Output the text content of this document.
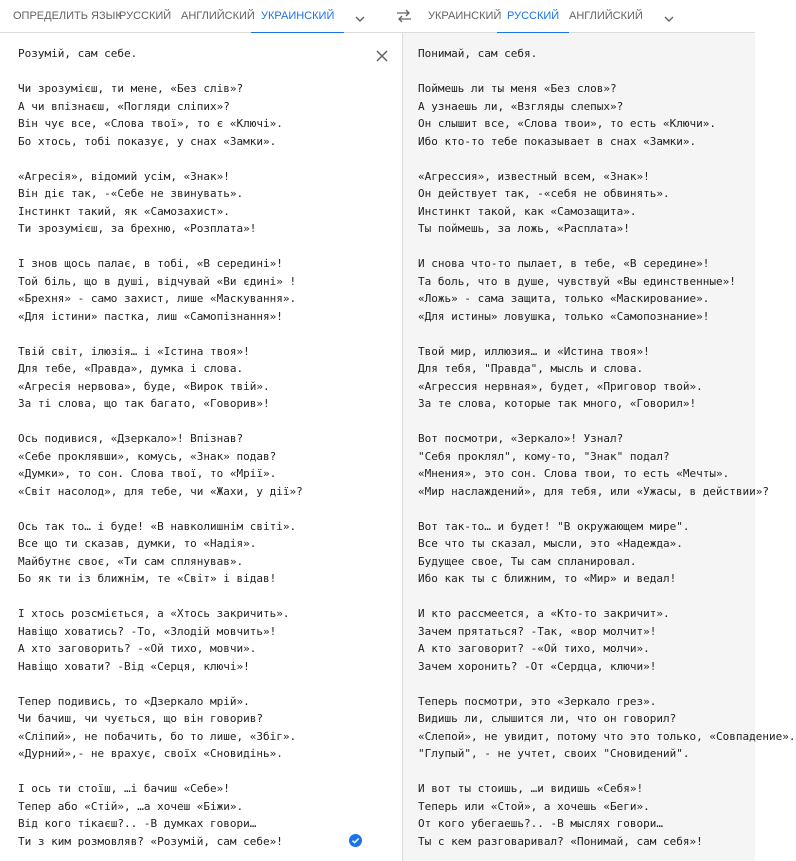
ОПРЕДЕЛИТЬ ЯЗЫК
РУССКИЙ АНГЛИЙСКИЙ УКРАИНСКИЙ	УКРАИНСКИЙ РУССКИЙ АНГЛИЙСКИЙ
Розумій, сам себе.

Чи зрозумієш, ти мене, «Без слів»?
А чи впізнаєш, «Погляди сліпих»?
Він чує все, «Слова твої», то є «Ключі».
Бо хтось, тобі показує, у снах «Замки».

«Агресія», відомий усім, «Знак»!
Він діє так, -«Себе не звинувать».
Інстинкт такий, як «Самозахист».
Ти зрозумієш, за брехню, «Розплата»!

І знов щось палає, в тобі, «В середині»!
Той біль, що в душі, відчувай «Ви єдині» !
«Брехня» - само захист, лише «Маскування».
«Для істини» пастка, лиш «Самопізнання»!

Твій світ, ілюзія… і «Істина твоя»!
Для тебе, «Правда», думка і слова.
«Агресія нервова», буде, «Вирок твій».
За ті слова, що так багато, «Говорив»!

Ось подивися, «Дзеркало»! Впізнав?
«Себе проклявши», комусь, «Знак» подав?
«Думки», то сон. Слова твої, то «Мрії».
«Світ насолод», для тебе, чи «Жахи, у дії»?

Ось так то… і буде! «В навколишнім світі».
Все що ти сказав, думки, то «Надія».
Майбутнє своє, «Ти сам сплянував».
Бо як ти із ближнім, те «Світ» і відав!

І хтось розсміється, а «Хтось закричить».
Навіщо ховатись? -То, «Злодій мовчить»!
А хто заговорить? -«Ой тихо, мовчи».
Навіщо ховати? -Від «Серця, ключі»!

Тепер подивись, то «Дзеркало мрій».
Чи бачиш, чи чується, що він говорив?
«Сліпий», не побачить, бо то лише, «Збіг».
«Дурний»,- не врахує, своїх «Сновидінь».

І ось ти стоїш, …і бачиш «Себе»!
Тепер або «Стій», …а хочеш «Біжи».
Від кого тікаєш?.. -В думках говори…
Ти з ким розмовляв? «Розумій, сам себе»!
Понимай, сам себя.

Поймешь ли ты меня «Без слов»?
А узнаешь ли, «Взгляды слепых»?
Он слышит все, «Слова твои», то есть «Ключи».
Ибо кто-то тебе показывает в снах «Замки».

«Агрессия», известный всем, «Знак»!
Он действует так, -«себя не обвинять».
Инстинкт такой, как «Самозащита».
Ты поймешь, за ложь, «Расплата»!

И снова что-то пылает, в тебе, «В середине»!
Та боль, что в душе, чувствуй «Вы единственные»!
«Ложь» - сама защита, только «Маскирование».
«Для истины» ловушка, только «Самопознание»!

Твой мир, иллюзия… и «Истина твоя»!
Для тебя, "Правда", мысль и слова.
«Агрессия нервная», будет, «Приговор твой».
За те слова, которые так много, «Говорил»!

Вот посмотри, «Зеркало»! Узнал?
"Себя проклял", кому-то, "Знак" подал?
«Мнения», это сон. Слова твои, то есть «Мечты».
«Мир наслаждений», для тебя, или «Ужасы, в действии»?

Вот так-то… и будет! "В окружающем мире".
Все что ты сказал, мысли, это «Надежда».
Будущее свое, Ты сам спланировал.
Ибо как ты с ближним, то «Мир» и ведал!

И кто рассмеется, а «Кто-то закричит».
Зачем прятаться? -Так, «вор молчит»!
А кто заговорит? -«Ой тихо, молчи».
Зачем хоронить? -От «Сердца, ключи»!

Теперь посмотри, это «Зеркало грез».
Видишь ли, слышится ли, что он говорил?
«Слепой», не увидит, потому что это только, «Совпадение».
"Глупый", - не учтет, своих "Сновидений".

И вот ты стоишь, …и видишь «Себя»!
Теперь или «Стой», а хочешь «Беги».
От кого убегаешь?.. -В мыслях говори…
Ты с кем разговаривал? «Понимай, сам себя»!
